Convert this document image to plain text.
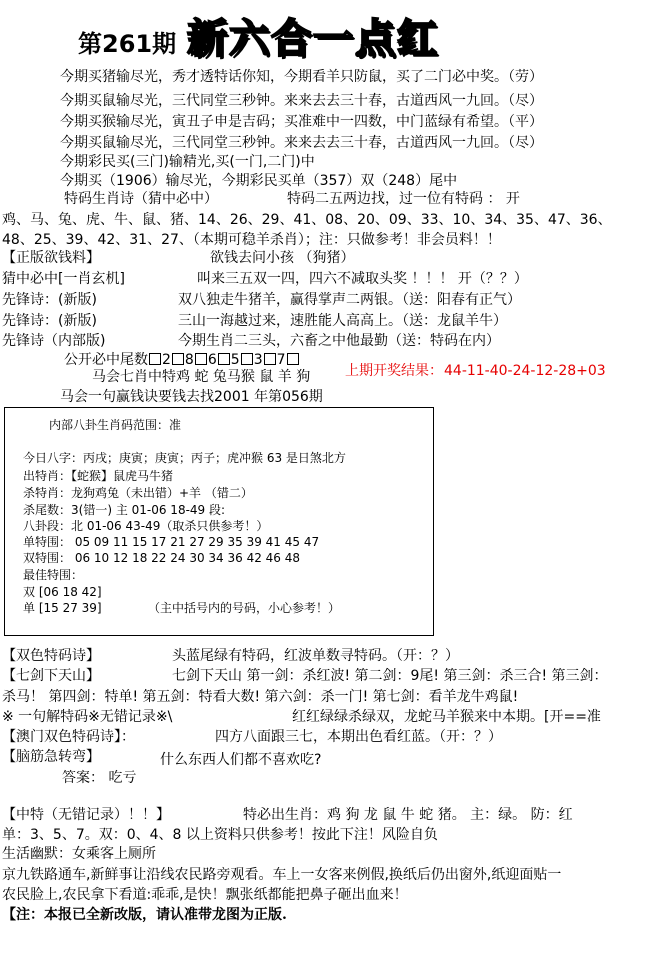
第261期 新六合一点红
今期买猪输尽光，秀才透特话你知，今期看羊只防鼠，买了二门必中奖。（劳）
今期买鼠输尽光，三代同堂三秒钟。来来去去三十春，古道西风一九回。（尽）
今期买猴输尽光，寅丑子申是吉码；买准难中一四数，中门蓝绿有希望。（平）
今期买鼠输尽光，三代同堂三秒钟。来来去去三十春，古道西风一九回。（尽）
今期彩民买(三门)输精光,买(一门,二门)中
今期买（1906）输尽光，今期彩民买单（357）双（248）尾中
特码生肖诗（猜中必中）	特码二五两边找，过一位有特码 ： 开
鸡、马、兔、虎、牛、鼠、猪、14、26、29、41、08、20、09、33、10、34、35、47、36、
48、25、39、42、31、27、（本期可稳羊杀肖）；注：只做参考！非会员料！！
【正版欲钱料】	欲钱去问小孩 （狗猪）
猜中必中[一肖玄机]	叫来三五双一四，四六不减取头奖 ！！！ 开（？？）
先锋诗：(新版)	双八独走牛猪羊，赢得掌声二两银。（送：阳春有正气）
先锋诗：(新版)	三山一海越过来，速胜能人高高上。（送：龙鼠羊牛）
先锋诗（内部版)	今期生肖二三头，六畜之中他最勤（送：特码在内）
公开必中尾数 2 8 6 5 3 7
马会七肖中特鸡 蛇 兔马猴 鼠 羊 狗 上期开奖结果： 44-11-40-24-12-28+03
马会一句赢钱诀要钱去找2001 年第056期
内部八卦生肖码范围：准
今日八字：丙戌；庚寅；庚寅；丙子；虎冲猴 63 是日煞北方
出特肖：【蛇猴】鼠虎马牛猪
杀特肖：龙狗鸡兔（未出错）+羊 （错二）
杀尾数：3(错一) 主 01-06 18-49 段:
八卦段：北 01-06 43-49（取杀只供参考！）
单特围： 05 09 11 15 17 21 27 29 35 39 41 45 47
双特围： 06 10 12 18 22 24 30 34 36 42 46 48
最佳特围：
双 [06 18 42]
单 [15 27 39]	（主中括号内的号码，小心参考！）
【双色特码诗】	头蓝尾绿有特码，红波单数寻特码。（开：？）
【七剑下天山】	七剑下天山 第一剑：杀红波! 第二剑：9尾! 第三剑：杀三合! 第三剑：
杀马！ 第四剑：特单! 第五剑：特看大数! 第六剑：杀一门! 第七剑：看羊龙牛鸡鼠!
※ 一句解特码※无错记录※\	红红绿绿杀绿双，龙蛇马羊猴来中本期。[开==准
【澳门双色特码诗】：	四方八面跟三七，本期出色看红蓝。（开：？）
【脑筋急转弯】	什么东西人们都不喜欢吃?
答案： 吃亏
【中特（无错记录）！！】	特必出生肖：鸡 狗 龙 鼠 牛 蛇 猪。 主：绿。 防：红
单：3、5、7。双：0、4、8 以上资料只供参考！按此下注！风险自负
生活幽默：女乘客上厕所
京九铁路通车,新鲜事让沿线农民路旁观看。车上一女客来例假,换纸后仍出窗外,纸迎面贴一
农民脸上,农民拿下看道:乖乖,是快！飘张纸都能把鼻子砸出血来！
【注：本报已全新改版，请认准带龙图为正版.
